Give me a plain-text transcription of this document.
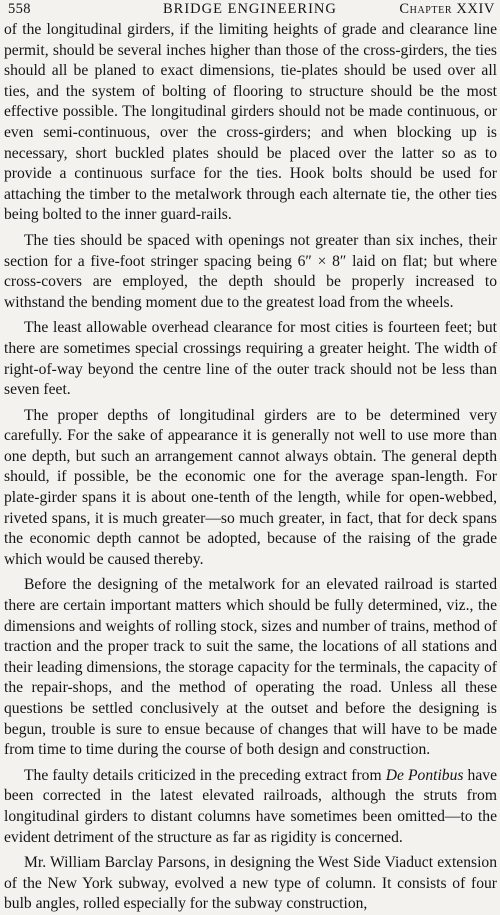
558	BRIDGE ENGINEERING	Chapter XXIV

of the longitudinal girders, if the limiting heights of grade and clearance line permit, should be several inches higher than those of the cross-girders, the ties should all be planed to exact dimensions, tie-plates should be used over all ties, and the system of bolting of flooring to structure should be the most effective possible. The longitudinal girders should not be made continuous, or even semi-continuous, over the cross-girders; and when blocking up is necessary, short buckled plates should be placed over the latter so as to provide a continuous surface for the ties. Hook bolts should be used for attaching the timber to the metalwork through each alternate tie, the other ties being bolted to the inner guard-rails.

The ties should be spaced with openings not greater than six inches, their section for a five-foot stringer spacing being 6″ × 8″ laid on flat; but where cross-covers are employed, the depth should be properly increased to withstand the bending moment due to the greatest load from the wheels.

The least allowable overhead clearance for most cities is fourteen feet; but there are sometimes special crossings requiring a greater height. The width of right-of-way beyond the centre line of the outer track should not be less than seven feet.

The proper depths of longitudinal girders are to be determined very carefully. For the sake of appearance it is generally not well to use more than one depth, but such an arrangement cannot always obtain. The general depth should, if possible, be the economic one for the average span-length. For plate-girder spans it is about one-tenth of the length, while for open-webbed, riveted spans, it is much greater—so much greater, in fact, that for deck spans the economic depth cannot be adopted, because of the raising of the grade which would be caused thereby.

Before the designing of the metalwork for an elevated railroad is started there are certain important matters which should be fully determined, viz., the dimensions and weights of rolling stock, sizes and number of trains, method of traction and the proper track to suit the same, the locations of all stations and their leading dimensions, the storage capacity for the terminals, the capacity of the repair-shops, and the method of operating the road. Unless all these questions be settled conclusively at the outset and before the designing is begun, trouble is sure to ensue because of changes that will have to be made from time to time during the course of both design and construction.

The faulty details criticized in the preceding extract from De Pontibus have been corrected in the latest elevated railroads, although the struts from longitudinal girders to distant columns have sometimes been omitted—to the evident detriment of the structure as far as rigidity is concerned.

Mr. William Barclay Parsons, in designing the West Side Viaduct extension of the New York subway, evolved a new type of column. It consists of four bulb angles, rolled especially for the subway construction,
